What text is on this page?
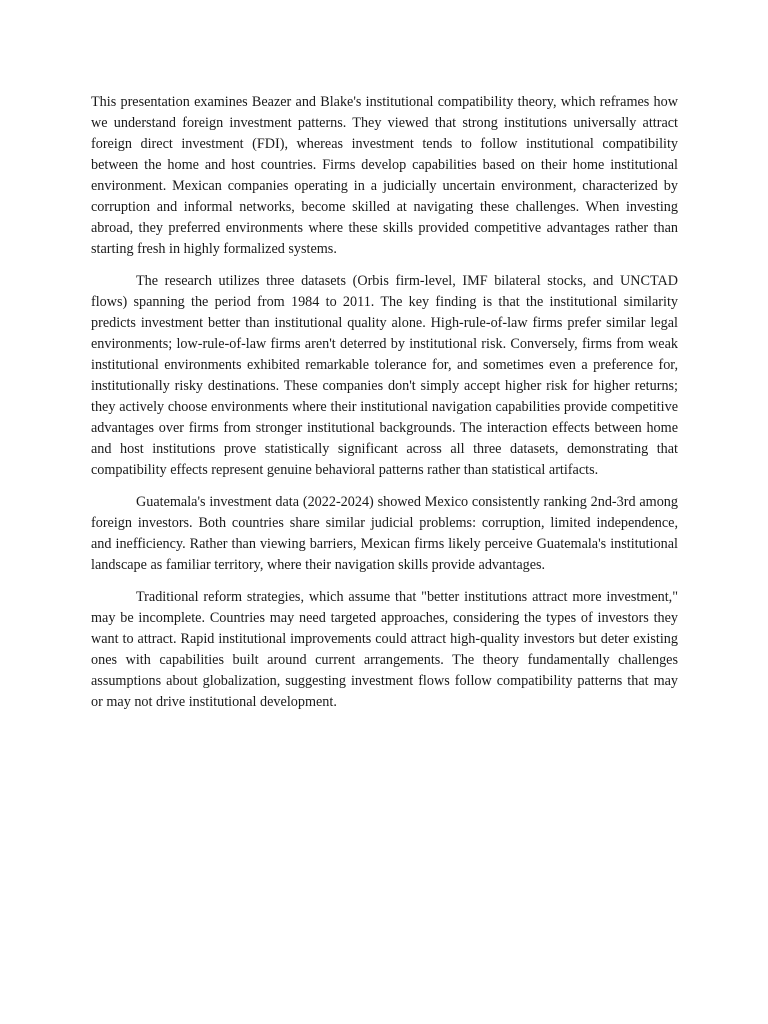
This presentation examines Beazer and Blake's institutional compatibility theory, which reframes how we understand foreign investment patterns. They viewed that strong institutions universally attract foreign direct investment (FDI), whereas investment tends to follow institutional compatibility between the home and host countries. Firms develop capabilities based on their home institutional environment. Mexican companies operating in a judicially uncertain environment, characterized by corruption and informal networks, become skilled at navigating these challenges. When investing abroad, they preferred environments where these skills provided competitive advantages rather than starting fresh in highly formalized systems.

The research utilizes three datasets (Orbis firm-level, IMF bilateral stocks, and UNCTAD flows) spanning the period from 1984 to 2011. The key finding is that the institutional similarity predicts investment better than institutional quality alone. High-rule-of-law firms prefer similar legal environments; low-rule-of-law firms aren't deterred by institutional risk. Conversely, firms from weak institutional environments exhibited remarkable tolerance for, and sometimes even a preference for, institutionally risky destinations. These companies don't simply accept higher risk for higher returns; they actively choose environments where their institutional navigation capabilities provide competitive advantages over firms from stronger institutional backgrounds. The interaction effects between home and host institutions prove statistically significant across all three datasets, demonstrating that compatibility effects represent genuine behavioral patterns rather than statistical artifacts.

Guatemala's investment data (2022-2024) showed Mexico consistently ranking 2nd-3rd among foreign investors. Both countries share similar judicial problems: corruption, limited independence, and inefficiency. Rather than viewing barriers, Mexican firms likely perceive Guatemala's institutional landscape as familiar territory, where their navigation skills provide advantages.

Traditional reform strategies, which assume that "better institutions attract more investment," may be incomplete. Countries may need targeted approaches, considering the types of investors they want to attract. Rapid institutional improvements could attract high-quality investors but deter existing ones with capabilities built around current arrangements. The theory fundamentally challenges assumptions about globalization, suggesting investment flows follow compatibility patterns that may or may not drive institutional development.
